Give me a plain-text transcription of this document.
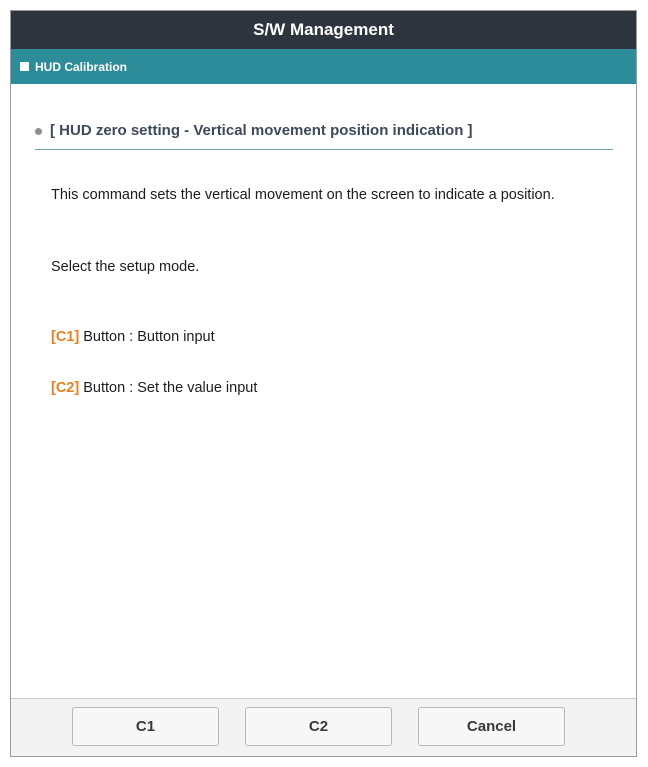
S/W Management
HUD Calibration
[ HUD zero setting - Vertical movement position indication ]
This command sets the vertical movement on the screen to indicate a position.
Select the setup mode.
[C1] Button : Button input
[C2] Button : Set the value input
C1	C2	Cancel
